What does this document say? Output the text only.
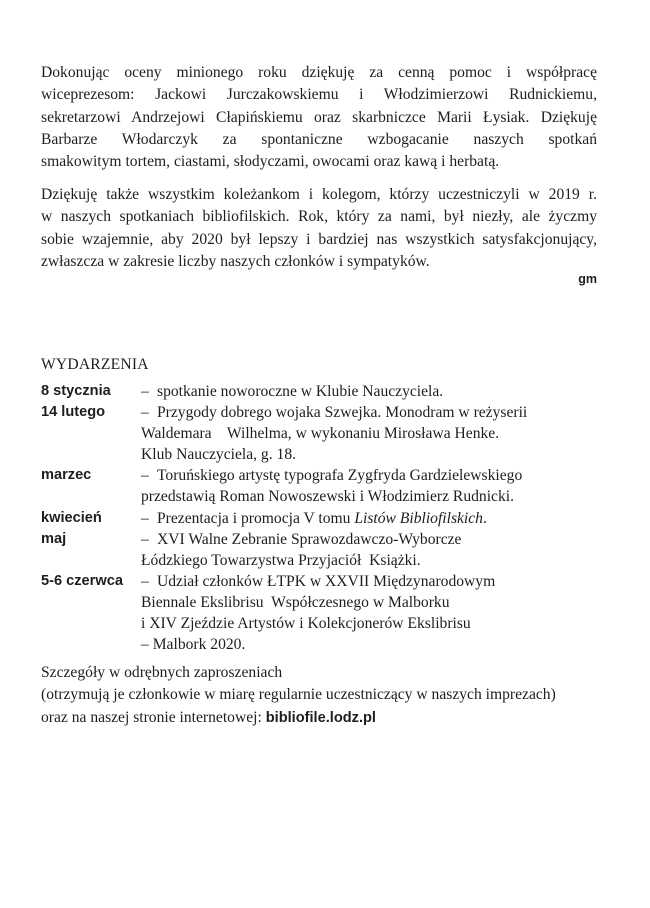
Dokonując oceny minionego roku dziękuję za cenną pomoc i współpracę
wiceprezesom: Jackowi Jurczakowskiemu i Włodzimierzowi Rudnickiemu,
sekretarzowi Andrzejowi Cłapińskiemu oraz skarbniczce Marii Łysiak. Dziękuję
Barbarze Włodarczyk za spontaniczne wzbogacanie naszych spotkań
smakowitym tortem, ciastami, słodyczami, owocami oraz kawą i herbatą.
Dziękuję także wszystkim koleżankom i kolegom, którzy uczestniczyli w 2019 r.
w naszych spotkaniach bibliofilskich. Rok, który za nami, był niezły, ale życzmy
sobie wzajemnie, aby 2020 był lepszy i bardziej nas wszystkich satysfakcjonujący,
zwłaszcza w zakresie liczby naszych członków i sympatyków.
gm
WYDARZENIA
8 stycznia	– spotkanie noworoczne w Klubie Nauczyciela.
14 lutego	– Przygody dobrego wojaka Szwejka. Monodram w reżyserii
Waldemara    Wilhelma, w wykonaniu Mirosława Henke.
Klub Nauczyciela, g. 18.
marzec	– Toruńskiego artystę typografa Zygfryda Gardzielewskiego
przedstawią Roman Nowoszewski i Włodzimierz Rudnicki.
kwiecień	– Prezentacja i promocja V tomu Listów Bibliofilskich.
maj	– XVI Walne Zebranie Sprawozdawczo-Wyborcze
Łódzkiego Towarzystwa Przyjaciół  Książki.
5-6 czerwca	– Udział członków ŁTPK w XXVII Międzynarodowym
Biennale Ekslibrisu  Współczesnego w Malborku
i XIV Zjeździe Artystów i Kolekcjonerów Ekslibrisu
– Malbork 2020.
Szczegóły w odrębnych zaproszeniach
(otrzymują je członkowie w miarę regularnie uczestniczący w naszych imprezach)
oraz na naszej stronie internetowej: bibliofile.lodz.pl
